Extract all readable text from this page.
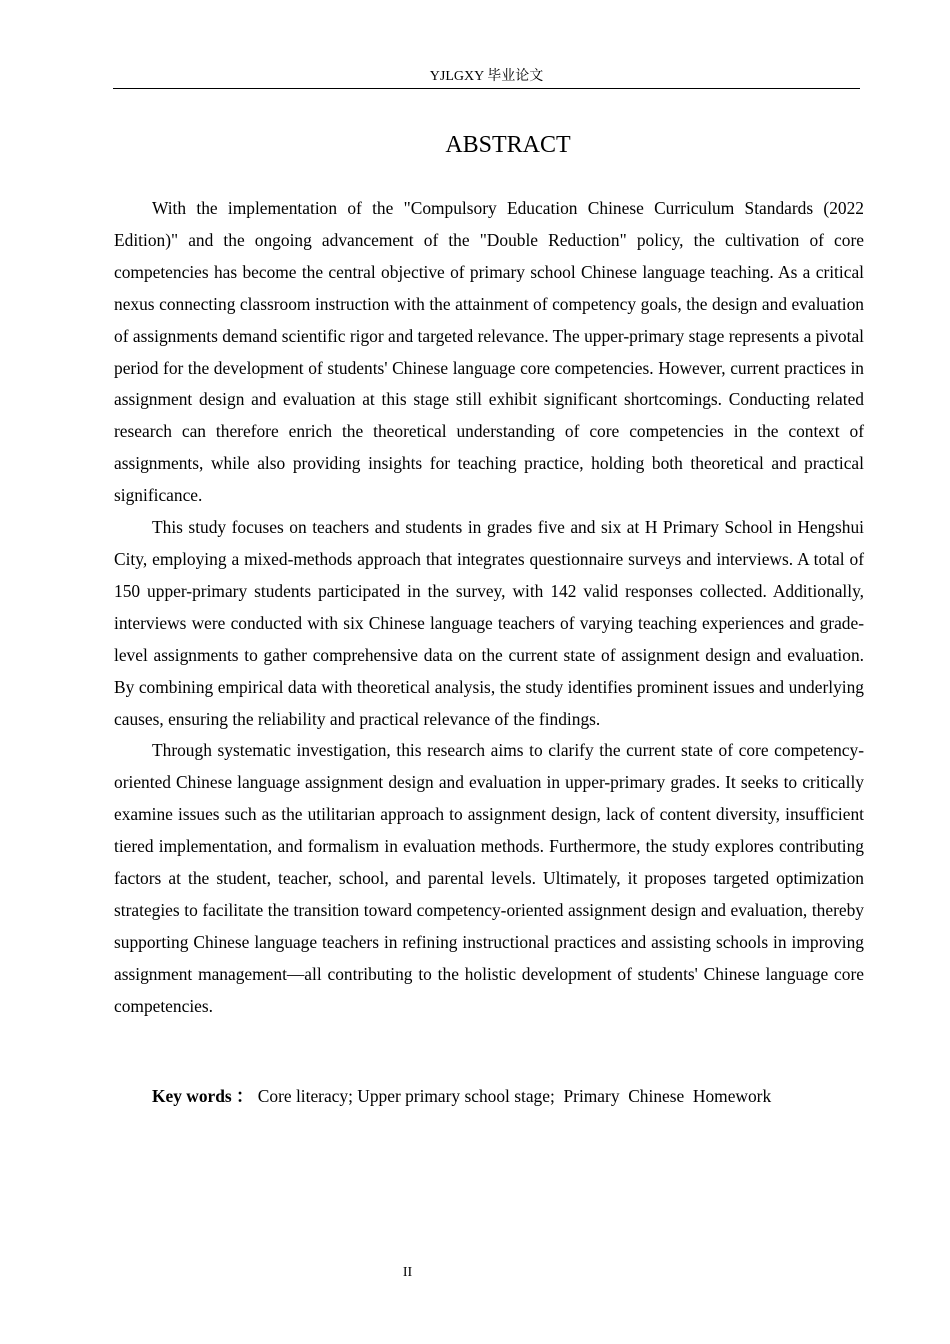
YJLGXY 毕业论文
ABSTRACT

With the implementation of the "Compulsory Education Chinese Curriculum Standards (2022 Edition)" and the ongoing advancement of the "Double Reduction" policy, the cultivation of core competencies has become the central objective of primary school Chinese language teaching. As a critical nexus connecting classroom instruction with the attainment of competency goals, the design and evaluation of assignments demand scientific rigor and targeted relevance. The upper-primary stage represents a pivotal period for the development of students' Chinese language core competencies. However, current practices in assignment design and evaluation at this stage still exhibit significant shortcomings. Conducting related research can therefore enrich the theoretical understanding of core competencies in the context of assignments, while also providing insights for teaching practice, holding both theoretical and practical significance.

This study focuses on teachers and students in grades five and six at H Primary School in Hengshui City, employing a mixed-methods approach that integrates questionnaire surveys and interviews. A total of 150 upper-primary students participated in the survey, with 142 valid responses collected. Additionally, interviews were conducted with six Chinese language teachers of varying teaching experiences and grade-level assignments to gather comprehensive data on the current state of assignment design and evaluation. By combining empirical data with theoretical analysis, the study identifies prominent issues and underlying causes, ensuring the reliability and practical relevance of the findings.

Through systematic investigation, this research aims to clarify the current state of core competency-oriented Chinese language assignment design and evaluation in upper-primary grades. It seeks to critically examine issues such as the utilitarian approach to assignment design, lack of content diversity, insufficient tiered implementation, and formalism in evaluation methods. Furthermore, the study explores contributing factors at the student, teacher, school, and parental levels. Ultimately, it proposes targeted optimization strategies to facilitate the transition toward competency-oriented assignment design and evaluation, thereby supporting Chinese language teachers in refining instructional practices and assisting schools in improving assignment management—all contributing to the holistic development of students' Chinese language core competencies.

Key words ： Core literacy; Upper primary school stage;  Primary  Chinese  Homework
II
